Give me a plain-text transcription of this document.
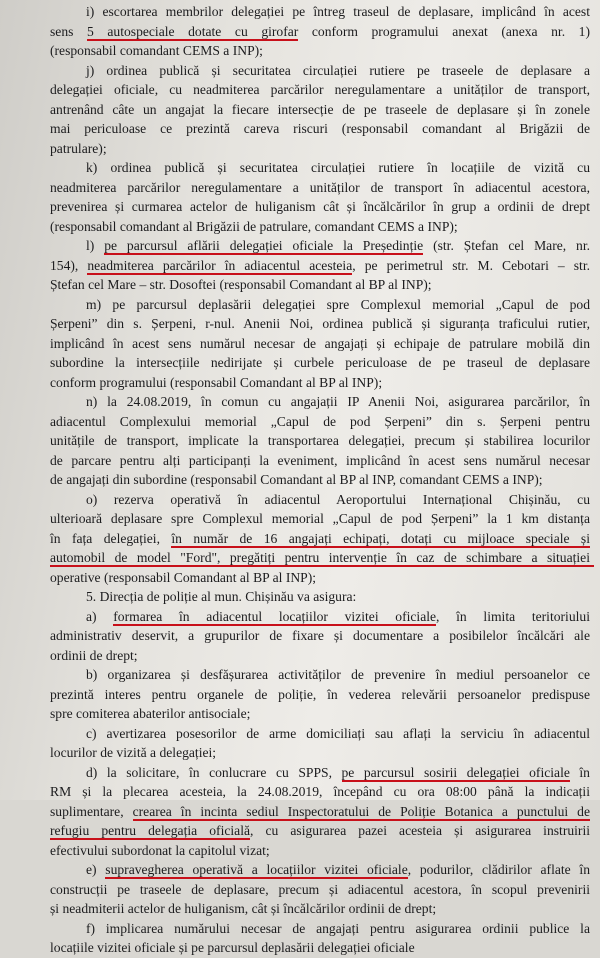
i) escortarea membrilor delegației pe întreg traseul de deplasare, implicând în acest
sens 5 autospeciale dotate cu girofar conform programului anexat (anexa nr. 1)
(responsabil comandant CEMS a INP);
j) ordinea publică și securitatea circulației rutiere pe traseele de deplasare a
delegației oficiale, cu neadmiterea parcărilor neregulamentare a unităților de transport,
antrenând câte un angajat la fiecare intersecție de pe traseele de deplasare și în zonele
mai periculoase ce prezintă careva riscuri (responsabil comandant al Brigăzii de
patrulare);
k) ordinea publică și securitatea circulației rutiere în locațiile de vizită cu
neadmiterea parcărilor neregulamentare a unităților de transport în adiacentul acestora,
prevenirea și curmarea actelor de huliganism cât și încălcărilor în grup a ordinii de drept
(responsabil comandant al Brigăzii de patrulare, comandant CEMS a INP);
l) pe parcursul aflării delegației oficiale la Președinție (str. Ștefan cel Mare, nr.
154), neadmiterea parcărilor în adiacentul acesteia, pe perimetrul str. M. Cebotari – str.
Ștefan cel Mare – str. Dosoftei (responsabil Comandant al BP al INP);
m) pe parcursul deplasării delegației spre Complexul memorial „Capul de pod
Șerpeni” din s. Șerpeni, r-nul. Anenii Noi, ordinea publică și siguranța traficului rutier,
implicând în acest sens numărul necesar de angajați și echipaje de patrulare mobilă din
subordine la intersecțiile nedirijate și curbele periculoase de pe traseul de deplasare
conform programului (responsabil Comandant al BP al INP);
n) la 24.08.2019, în comun cu angajații IP Anenii Noi, asigurarea parcărilor, în
adiacentul Complexului memorial „Capul de pod Șerpeni” din s. Șerpeni pentru
unitățile de transport, implicate la transportarea delegației, precum și stabilirea locurilor
de parcare pentru alți participanți la eveniment, implicând în acest sens numărul necesar
de angajați din subordine (responsabil Comandant al BP al INP, comandant CEMS a INP);
o) rezerva operativă în adiacentul Aeroportului Internațional Chișinău, cu
ulterioară deplasare spre Complexul memorial „Capul de pod Șerpeni” la 1 km distanța
în fața delegației, în număr de 16 angajați echipați, dotați cu mijloace speciale și
automobil de model "Ford", pregătiți pentru intervenție în caz de schimbare a situației
operative (responsabil Comandant al BP al INP);
5. Direcția de poliție al mun. Chișinău va asigura:
a) formarea în adiacentul locațiilor vizitei oficiale, în limita teritoriului
administrativ deservit, a grupurilor de fixare și documentare a posibilelor încălcări ale
ordinii de drept;
b) organizarea și desfășurarea activităților de prevenire în mediul persoanelor ce
prezintă interes pentru organele de poliție, în vederea relevării persoanelor predispuse
spre comiterea abaterilor antisociale;
c) avertizarea posesorilor de arme domiciliați sau aflați la serviciu în adiacentul
locurilor de vizită a delegației;
d) la solicitare, în conlucrare cu SPPS, pe parcursul sosirii delegației oficiale în
RM și la plecarea acesteia, la 24.08.2019, începând cu ora 08:00 până la indicații
suplimentare, crearea în incinta sediul Inspectoratului de Poliție Botanica a punctului de
refugiu pentru delegația oficială, cu asigurarea pazei acesteia și asigurarea instruirii
efectivului subordonat la capitolul vizat;
e) supravegherea operativă a locațiilor vizitei oficiale, podurilor, clădirilor aflate în
construcții pe traseele de deplasare, precum și adiacentul acestora, în scopul prevenirii
și neadmiterii actelor de huliganism, cât și încălcărilor ordinii de drept;
f) implicarea numărului necesar de angajați pentru asigurarea ordinii publice la
locațiile vizitei oficiale și pe parcursul deplasării delegației oficiale
